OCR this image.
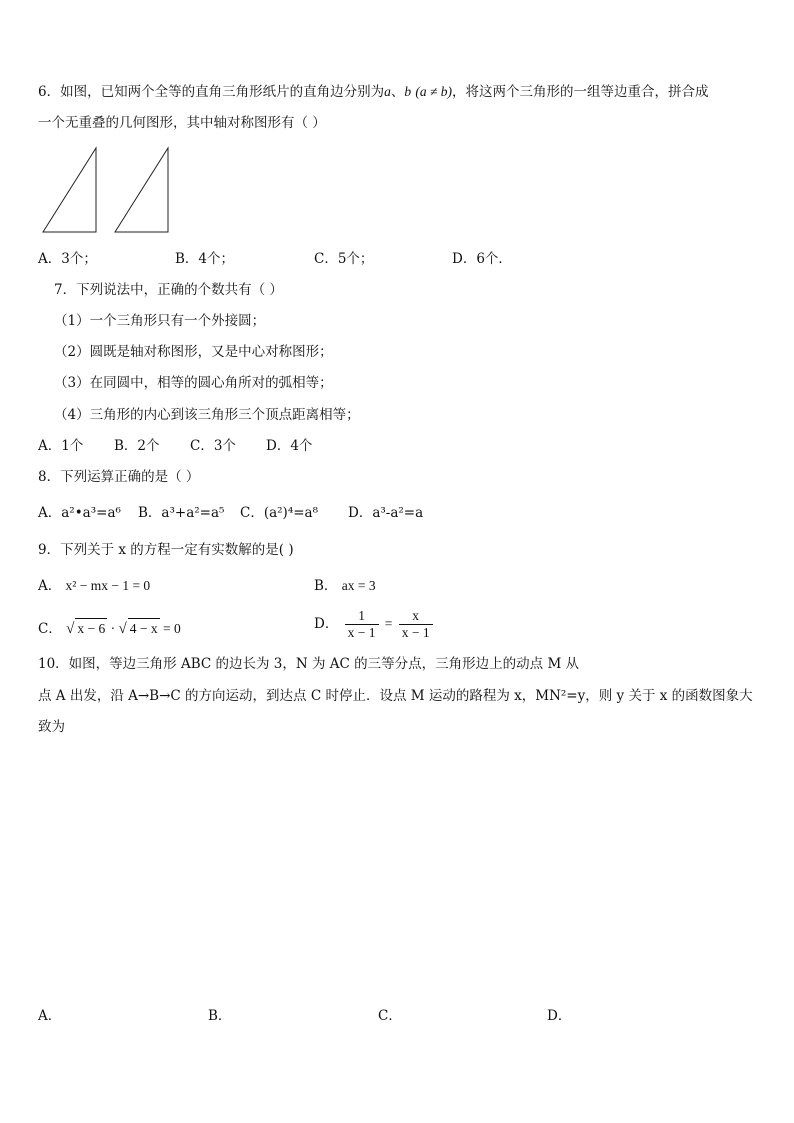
6．如图，已知两个全等的直角三角形纸片的直角边分别为a、b (a ≠ b)，将这两个三角形的一组等边重合，拼合成
一个无重叠的几何图形，其中轴对称图形有（ ）
A．3个；	B．4个；	C．5个；	D．6个．
7．下列说法中，正确的个数共有（ ）
（1）一个三角形只有一个外接圆；
（2）圆既是轴对称图形，又是中心对称图形；
（3）在同圆中，相等的圆心角所对的弧相等；
（4）三角形的内心到该三角形三个顶点距离相等；
A．1个 B．2个 C．3个 D．4个
8．下列运算正确的是（ ）
A．a²•a³=a⁶ B．a³+a²=a⁵ C．(a²)⁴=a⁸ D．a³-a²=a
9．下列关于 x 的方程一定有实数解的是( )
A． x² − mx − 1 = 0	B． ax = 3
C． √ x − 6 · √ 4 − x = 0	D． $\frac{1}{x - 1} = \frac{x}{x - 1}$
10．如图，等边三角形 ABC 的边长为 3，N 为 AC 的三等分点，三角形边上的动点 M 从
点 A 出发，沿 A→B→C 的方向运动，到达点 C 时停止．设点 M 运动的路程为 x，MN²=y，则 y 关于 x 的函数图象大
致为
A．	B．	C．	D．
